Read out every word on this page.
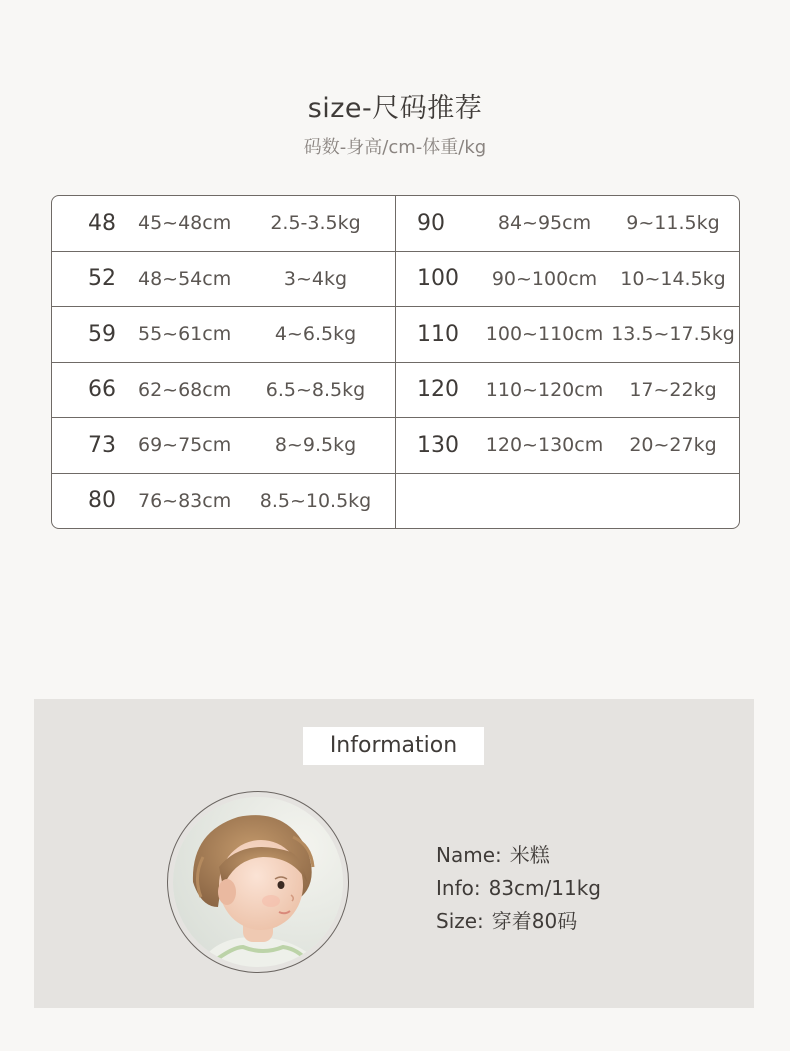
size-尺码推荐
码数-身高/cm-体重/kg
48	45~48cm	2.5-3.5kg
52	48~54cm	3~4kg
59	55~61cm	4~6.5kg
66	62~68cm	6.5~8.5kg
73	69~75cm	8~9.5kg
80	76~83cm	8.5~10.5kg
90	84~95cm	9~11.5kg
100	90~100cm	10~14.5kg
110	100~110cm 13.5~17.5kg
120	110~120cm	17~22kg
130	120~130cm	20~27kg
Information
Name: 米糕
Info: 83cm/11kg
Size: 穿着80码
